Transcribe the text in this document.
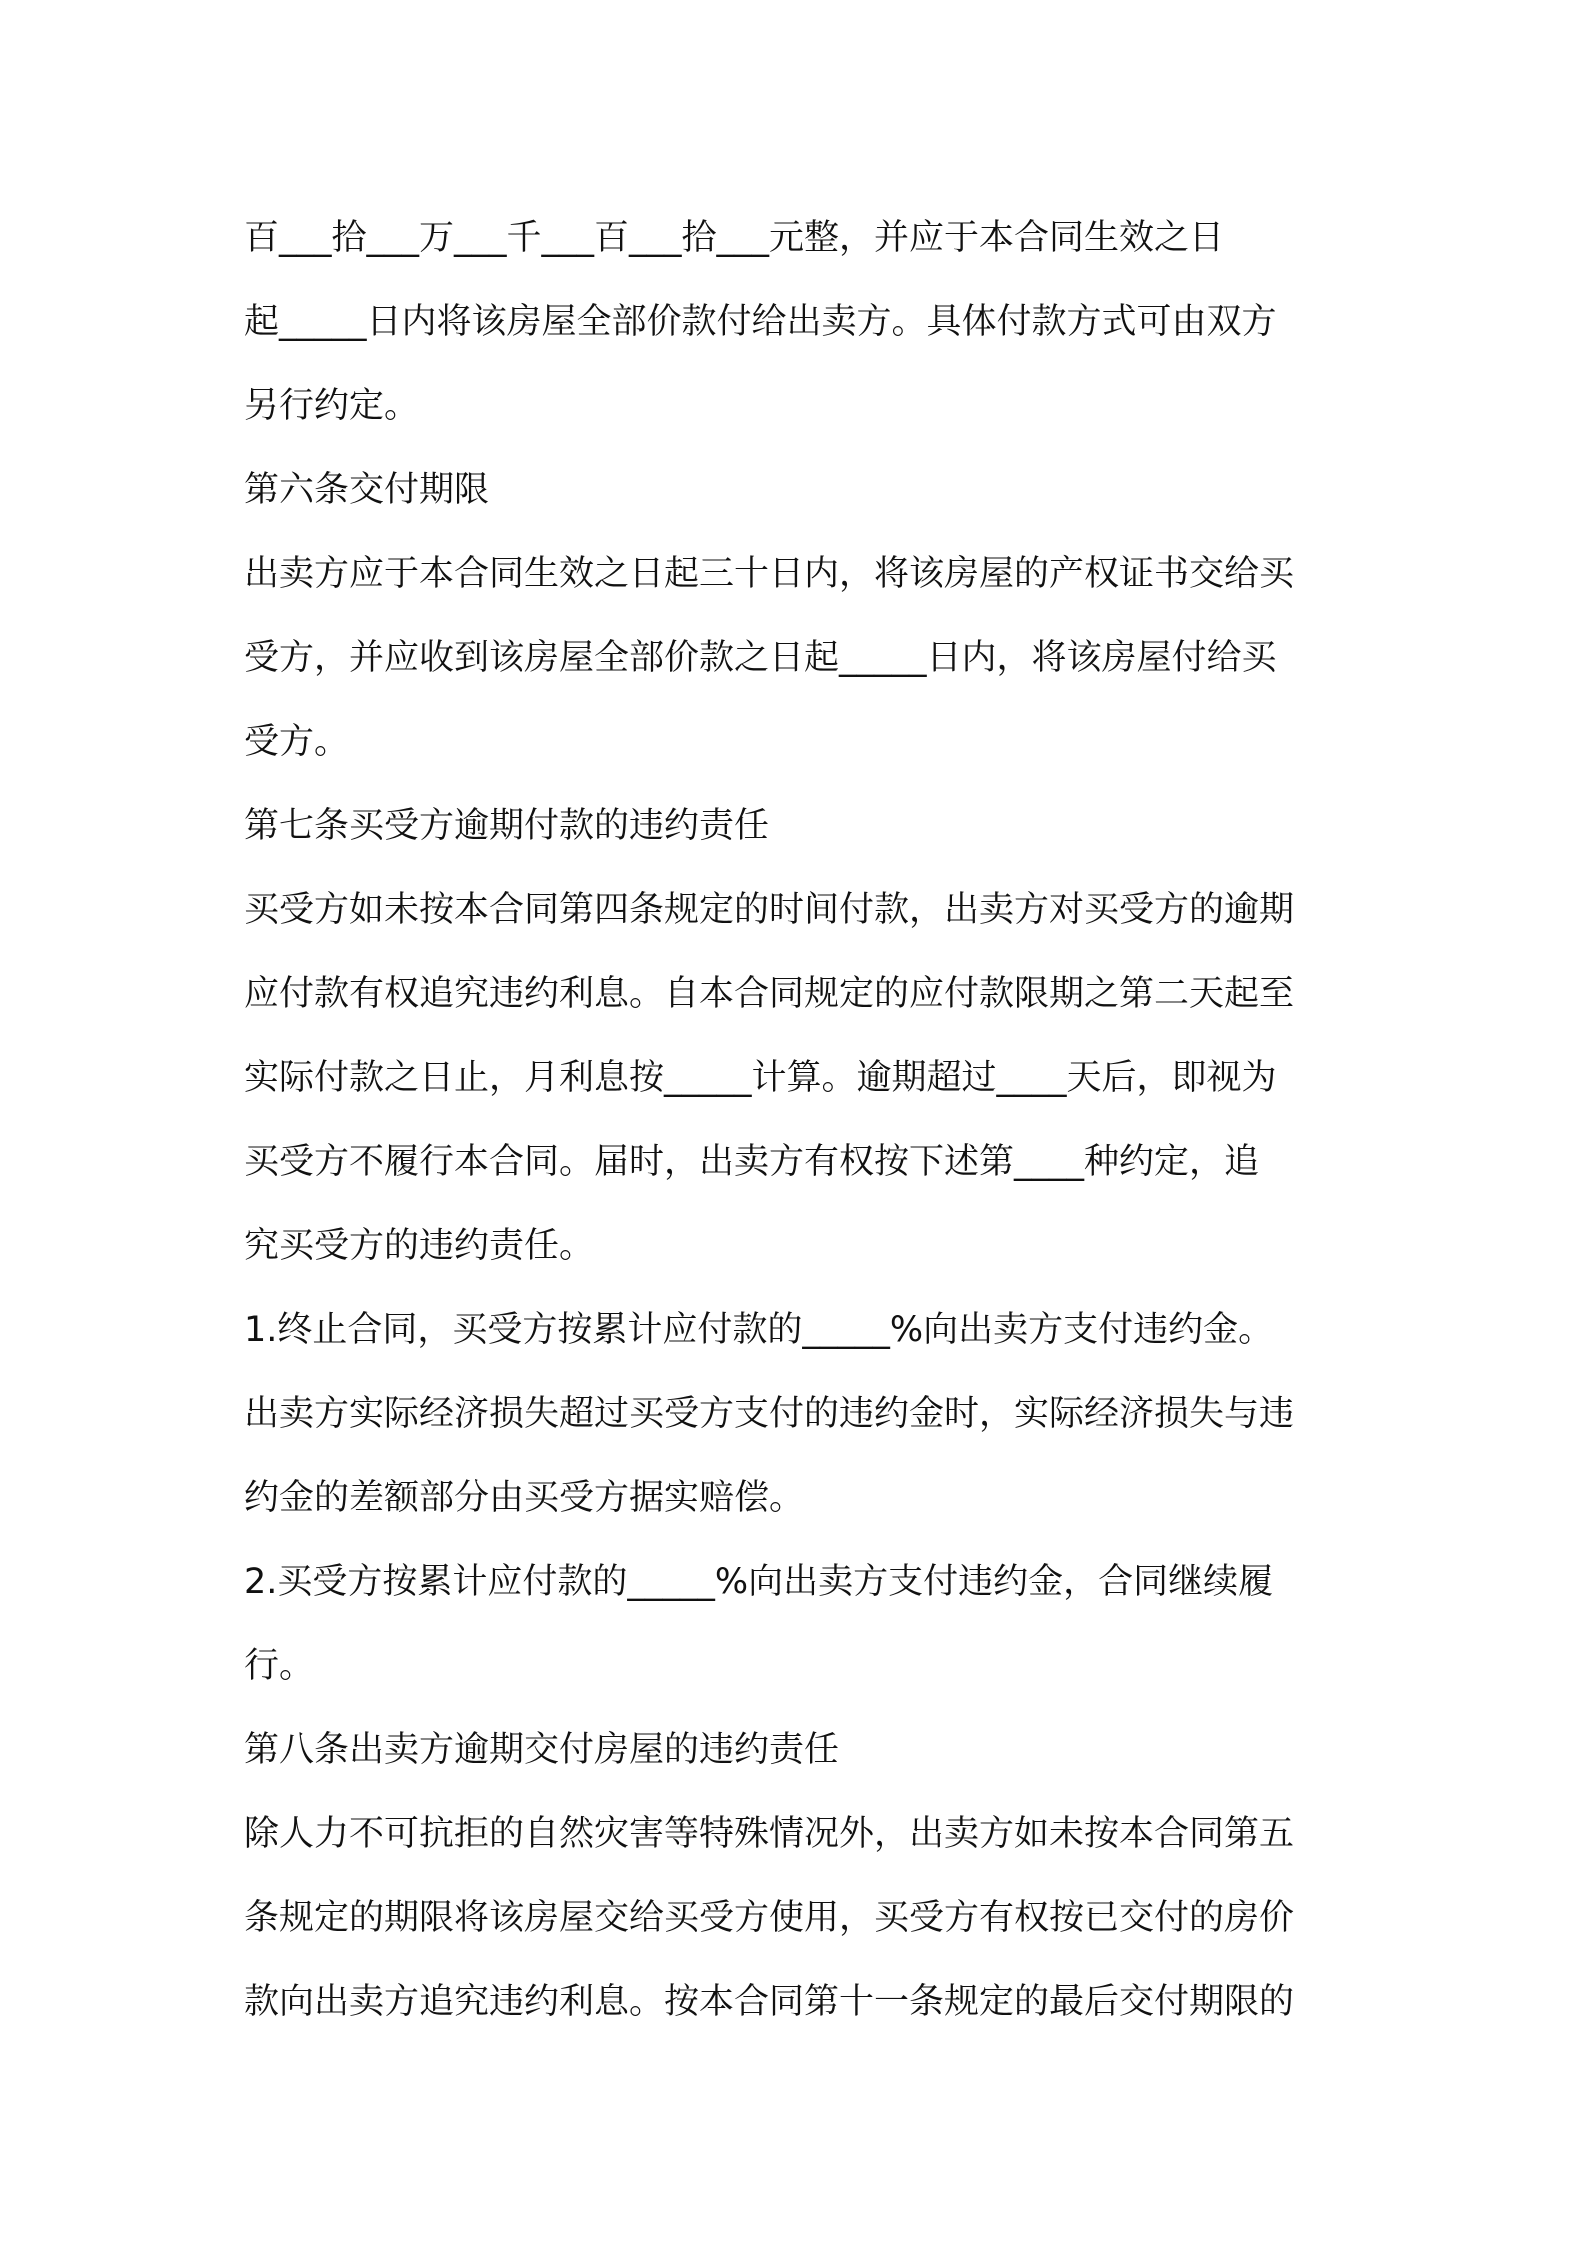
百___拾___万___千___百___拾___元整，并应于本合同生效之日
起_____日内将该房屋全部价款付给出卖方。具体付款方式可由双方
另行约定。
第六条交付期限
出卖方应于本合同生效之日起三十日内，将该房屋的产权证书交给买
受方，并应收到该房屋全部价款之日起_____日内，将该房屋付给买
受方。
第七条买受方逾期付款的违约责任
买受方如未按本合同第四条规定的时间付款，出卖方对买受方的逾期
应付款有权追究违约利息。自本合同规定的应付款限期之第二天起至
实际付款之日止，月利息按_____计算。逾期超过____天后，即视为
买受方不履行本合同。届时，出卖方有权按下述第____种约定，追
究买受方的违约责任。
1.终止合同，买受方按累计应付款的_____%向出卖方支付违约金。
出卖方实际经济损失超过买受方支付的违约金时，实际经济损失与违
约金的差额部分由买受方据实赔偿。
2.买受方按累计应付款的_____%向出卖方支付违约金，合同继续履
行。
第八条出卖方逾期交付房屋的违约责任
除人力不可抗拒的自然灾害等特殊情况外，出卖方如未按本合同第五
条规定的期限将该房屋交给买受方使用，买受方有权按已交付的房价
款向出卖方追究违约利息。按本合同第十一条规定的最后交付期限的
